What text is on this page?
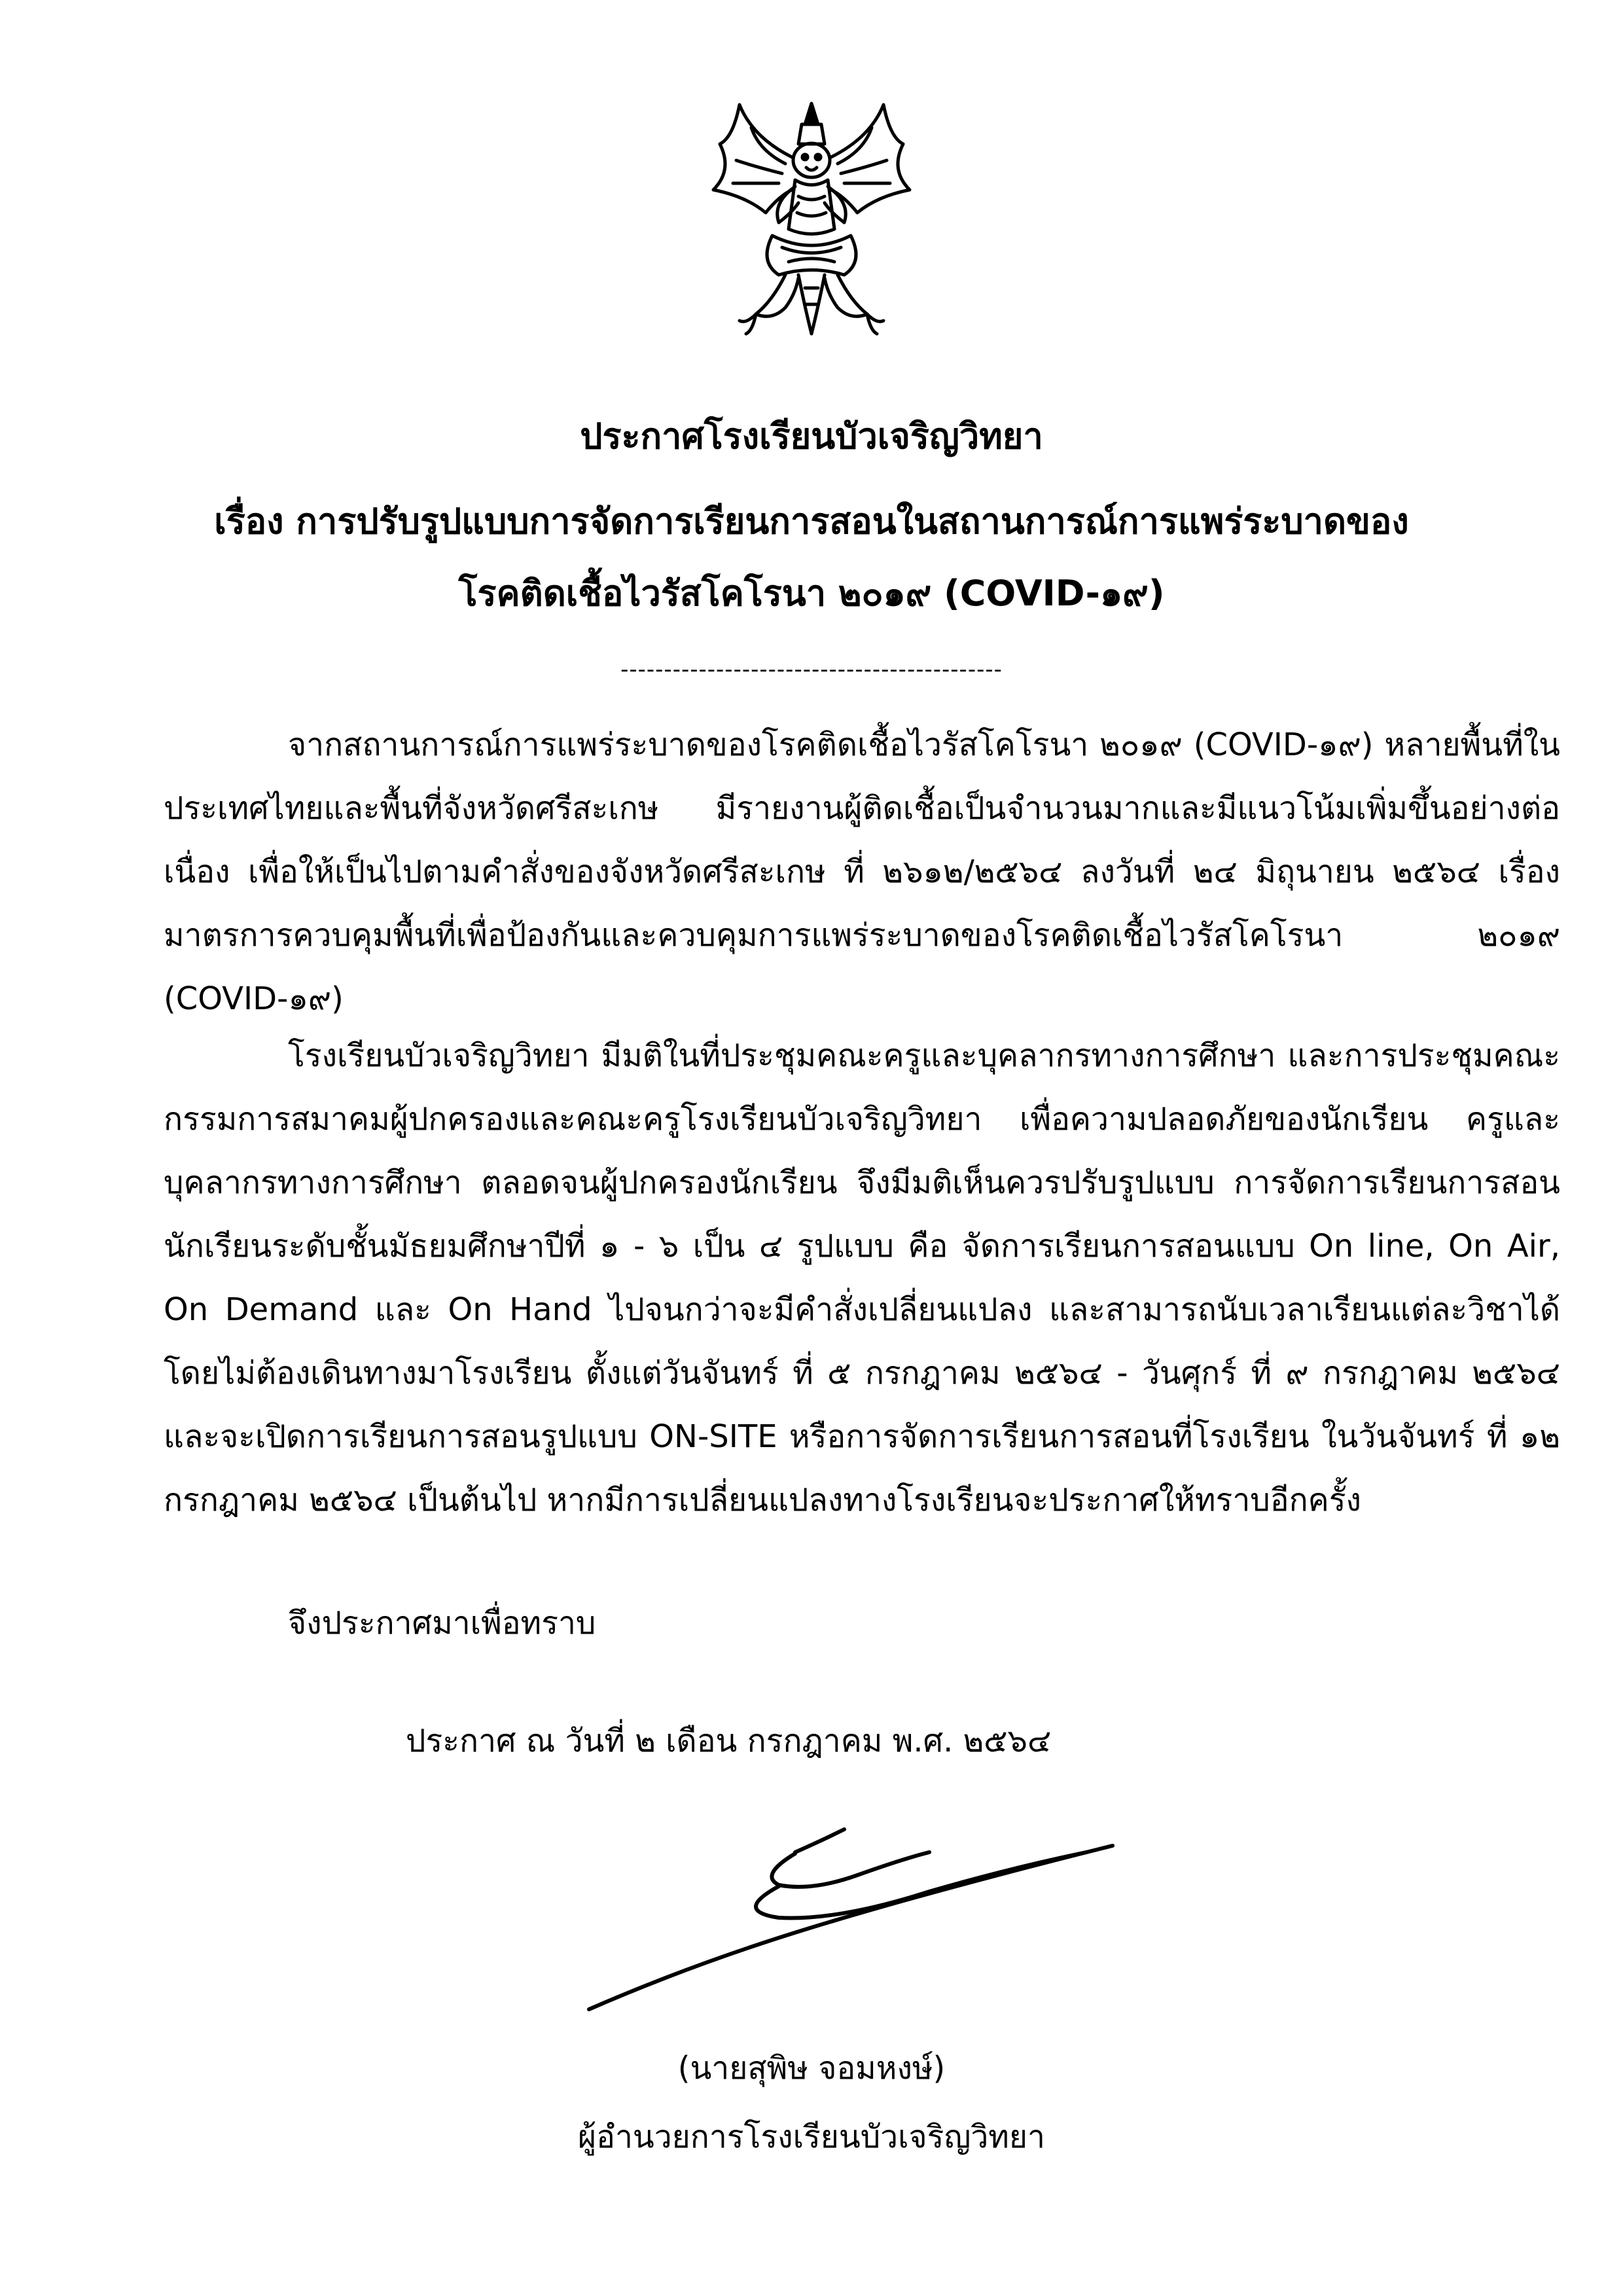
ประกาศโรงเรียนบัวเจริญวิทยา
เรื่อง การปรับรูปแบบการจัดการเรียนการสอนในสถานการณ์การแพร่ระบาดของ
โรคติดเชื้อไวรัสโคโรนา ๒๐๑๙ (COVID-๑๙)
--------------------------------------------
จากสถานการณ์การแพร่ระบาดของโรคติดเชื้อไวรัสโคโรนา ๒๐๑๙ (COVID-๑๙) หลายพื้นที่ในประเทศไทยและพื้นที่จังหวัดศรีสะเกษ มีรายงานผู้ติดเชื้อเป็นจำนวนมากและมีแนวโน้มเพิ่มขึ้นอย่างต่อเนื่อง เพื่อให้เป็นไปตามคำสั่งของจังหวัดศรีสะเกษ ที่ ๒๖๑๒/๒๕๖๔ ลงวันที่ ๒๔ มิถุนายน ๒๕๖๔ เรื่องมาตรการควบคุมพื้นที่เพื่อป้องกันและควบคุมการแพร่ระบาดของโรคติดเชื้อไวรัสโคโรนา ๒๐๑๙ (COVID-๑๙)
โรงเรียนบัวเจริญวิทยา มีมติในที่ประชุมคณะครูและบุคลากรทางการศึกษา และการประชุมคณะกรรมการสมาคมผู้ปกครองและคณะครูโรงเรียนบัวเจริญวิทยา เพื่อความปลอดภัยของนักเรียน ครูและบุคลากรทางการศึกษา ตลอดจนผู้ปกครองนักเรียน จึงมีมติเห็นควรปรับรูปแบบ การจัดการเรียนการสอนนักเรียนระดับชั้นมัธยมศึกษาปีที่ ๑ - ๖ เป็น ๔ รูปแบบ คือ จัดการเรียนการสอนแบบ On line, On Air, On Demand และ On Hand ไปจนกว่าจะมีคำสั่งเปลี่ยนแปลง และสามารถนับเวลาเรียนแต่ละวิชาได้โดยไม่ต้องเดินทางมาโรงเรียน ตั้งแต่วันจันทร์ ที่ ๕ กรกฎาคม ๒๕๖๔ - วันศุกร์ ที่ ๙ กรกฎาคม ๒๕๖๔ และจะเปิดการเรียนการสอนรูปแบบ ON-SITE หรือการจัดการเรียนการสอนที่โรงเรียน ในวันจันทร์ ที่ ๑๒ กรกฎาคม ๒๕๖๔ เป็นต้นไป หากมีการเปลี่ยนแปลงทางโรงเรียนจะประกาศให้ทราบอีกครั้ง
จึงประกาศมาเพื่อทราบ
ประกาศ ณ วันที่ ๒ เดือน กรกฎาคม พ.ศ. ๒๕๖๔
(นายสุพิษ จอมหงษ์)
ผู้อำนวยการโรงเรียนบัวเจริญวิทยา
